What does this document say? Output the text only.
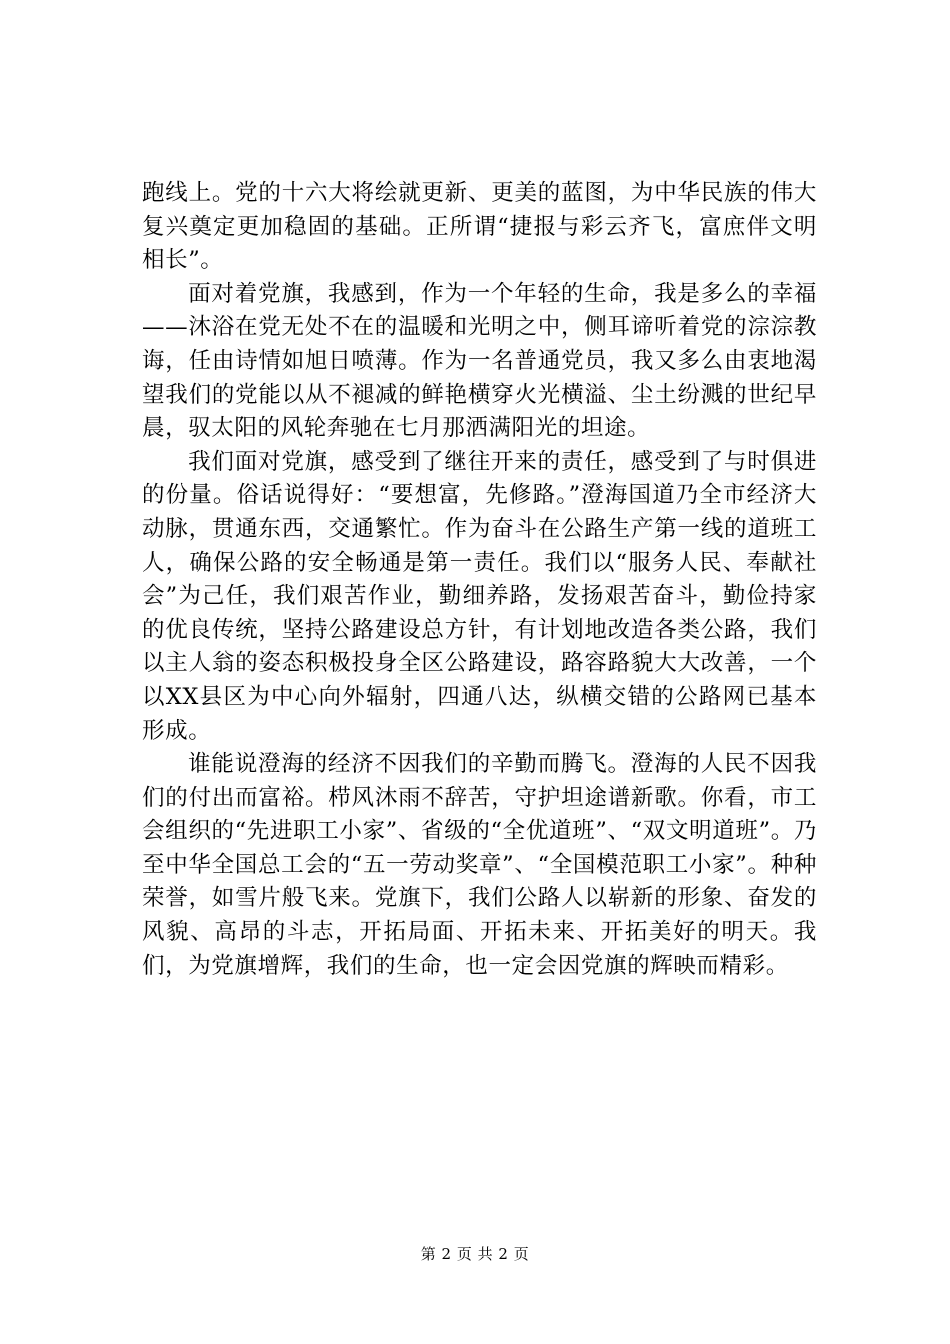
跑线上。党的十六大将绘就更新、更美的蓝图，为中华民族的伟大复兴奠定更加稳固的基础。正所谓“捷报与彩云齐飞，富庶伴文明相长”。

面对着党旗，我感到，作为一个年轻的生命，我是多么的幸福——沐浴在党无处不在的温暖和光明之中，侧耳谛听着党的淙淙教诲，任由诗情如旭日喷薄。作为一名普通党员，我又多么由衷地渴望我们的党能以从不褪减的鲜艳横穿火光横溢、尘土纷溅的世纪早晨，驭太阳的风轮奔驰在七月那洒满阳光的坦途。

我们面对党旗，感受到了继往开来的责任，感受到了与时俱进的份量。俗话说得好：“要想富，先修路。”澄海国道乃全市经济大动脉，贯通东西，交通繁忙。作为奋斗在公路生产第一线的道班工人，确保公路的安全畅通是第一责任。我们以“服务人民、奉献社会”为己任，我们艰苦作业，勤细养路，发扬艰苦奋斗，勤俭持家的优良传统，坚持公路建设总方针，有计划地改造各类公路，我们以主人翁的姿态积极投身全区公路建设，路容路貌大大改善，一个以XX县区为中心向外辐射，四通八达，纵横交错的公路网已基本形成。

谁能说澄海的经济不因我们的辛勤而腾飞。澄海的人民不因我们的付出而富裕。栉风沐雨不辞苦，守护坦途谱新歌。你看，市工会组织的“先进职工小家”、省级的“全优道班”、“双文明道班”。乃至中华全国总工会的“五一劳动奖章”、“全国模范职工小家”。种种荣誉，如雪片般飞来。党旗下，我们公路人以崭新的形象、奋发的风貌、高昂的斗志，开拓局面、开拓未来、开拓美好的明天。我们，为党旗增辉，我们的生命，也一定会因党旗的辉映而精彩。

第 2 页 共 2 页
